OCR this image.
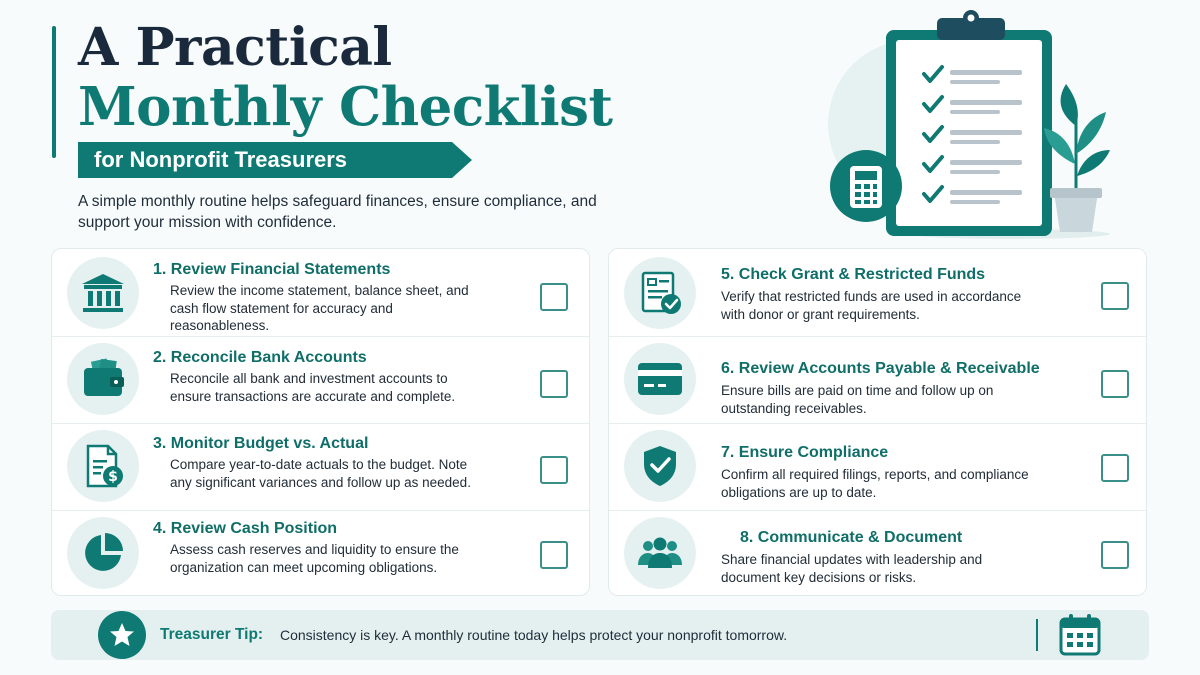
A Practical
Monthly Checklist
for Nonprofit Treasurers

A simple monthly routine helps safeguard finances, ensure compliance, and support your mission with confidence.

1. Review Financial Statements
Review the income statement, balance sheet, and cash flow statement for accuracy and reasonableness.
2. Reconcile Bank Accounts
Reconcile all bank and investment accounts to ensure transactions are accurate and complete.
$
3. Monitor Budget vs. Actual
Compare year-to-date actuals to the budget. Note any significant variances and follow up as needed.
4. Review Cash Position
Assess cash reserves and liquidity to ensure the organization can meet upcoming obligations.
5. Check Grant & Restricted Funds
Verify that restricted funds are used in accordance with donor or grant requirements.
6. Review Accounts Payable & Receivable
Ensure bills are paid on time and follow up on outstanding receivables.
7. Ensure Compliance
Confirm all required filings, reports, and compliance obligations are up to date.
8. Communicate & Document
Share financial updates with leadership and document key decisions or risks.
Treasurer Tip: Consistency is key. A monthly routine today helps protect your nonprofit tomorrow.
